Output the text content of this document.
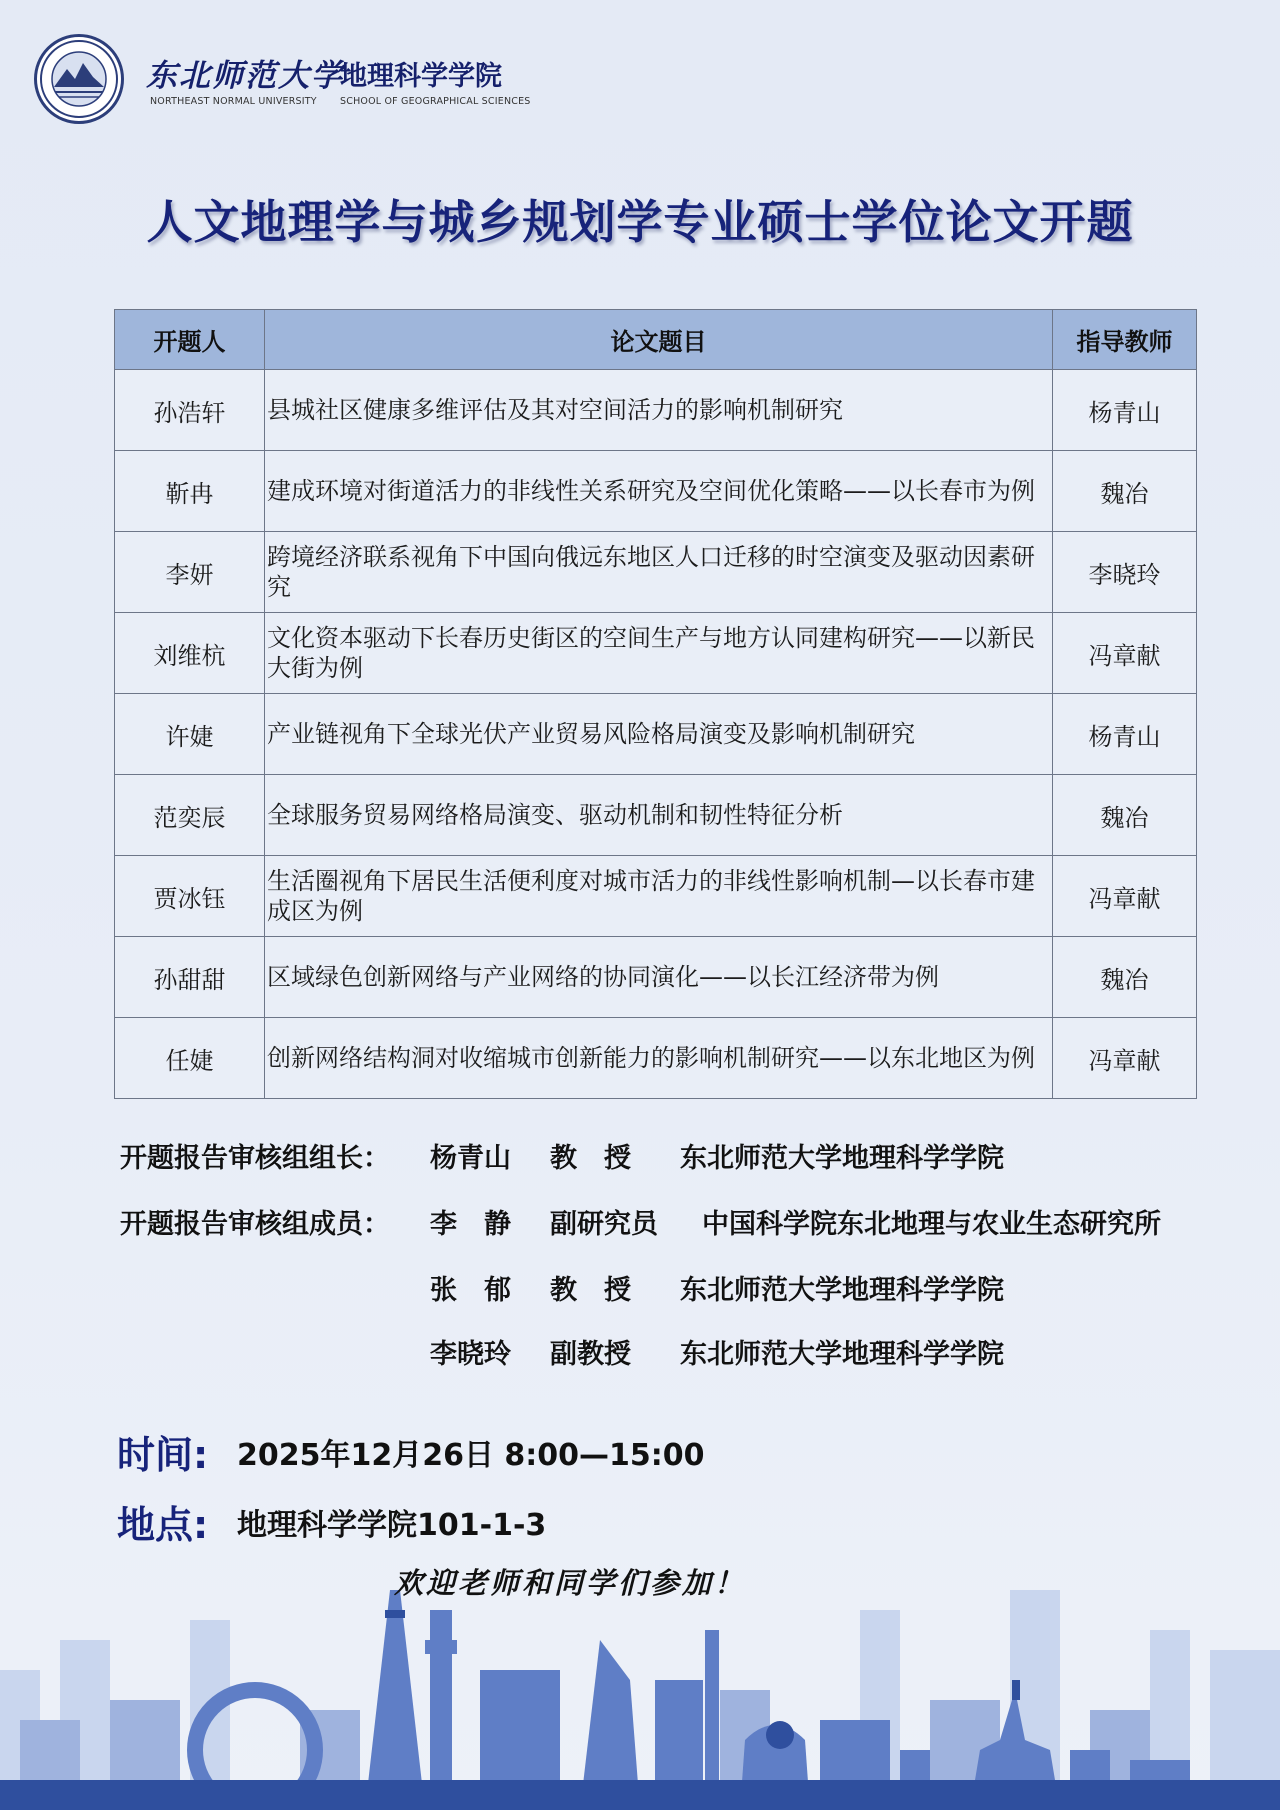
东北师范大学
地理科学学院
NORTHEAST NORMAL UNIVERSITY SCHOOL OF GEOGRAPHICAL SCIENCES
人文地理学与城乡规划学专业硕士学位论文开题
开题人	论文题目	指导教师
孙浩轩	县城社区健康多维评估及其对空间活力的影响机制研究	杨青山
靳冉	建成环境对街道活力的非线性关系研究及空间优化策略——以长春市为例	魏冶
李妍	跨境经济联系视角下中国向俄远东地区人口迁移的时空演变及驱动因素研究	李晓玲
刘维杭	文化资本驱动下长春历史街区的空间生产与地方认同建构研究——以新民大街为例	冯章献
许婕	产业链视角下全球光伏产业贸易风险格局演变及影响机制研究	杨青山
范奕辰	全球服务贸易网络格局演变、驱动机制和韧性特征分析	魏冶
贾冰钰	生活圈视角下居民生活便利度对城市活力的非线性影响机制—以长春市建成区为例	冯章献
孙甜甜	区域绿色创新网络与产业网络的协同演化——以长江经济带为例	魏冶
任婕	创新网络结构洞对收缩城市创新能力的影响机制研究——以东北地区为例	冯章献
开题报告审核组组长： 杨青山 教　授 东北师范大学地理科学学院
开题报告审核组成员： 李　静 副研究员 中国科学院东北地理与农业生态研究所
张　郁 教　授 东北师范大学地理科学学院
李晓玲 副教授 东北师范大学地理科学学院
时间: 2025年12月26日 8:00—15:00
地点: 地理科学学院101-1-3
欢迎老师和同学们参加！
